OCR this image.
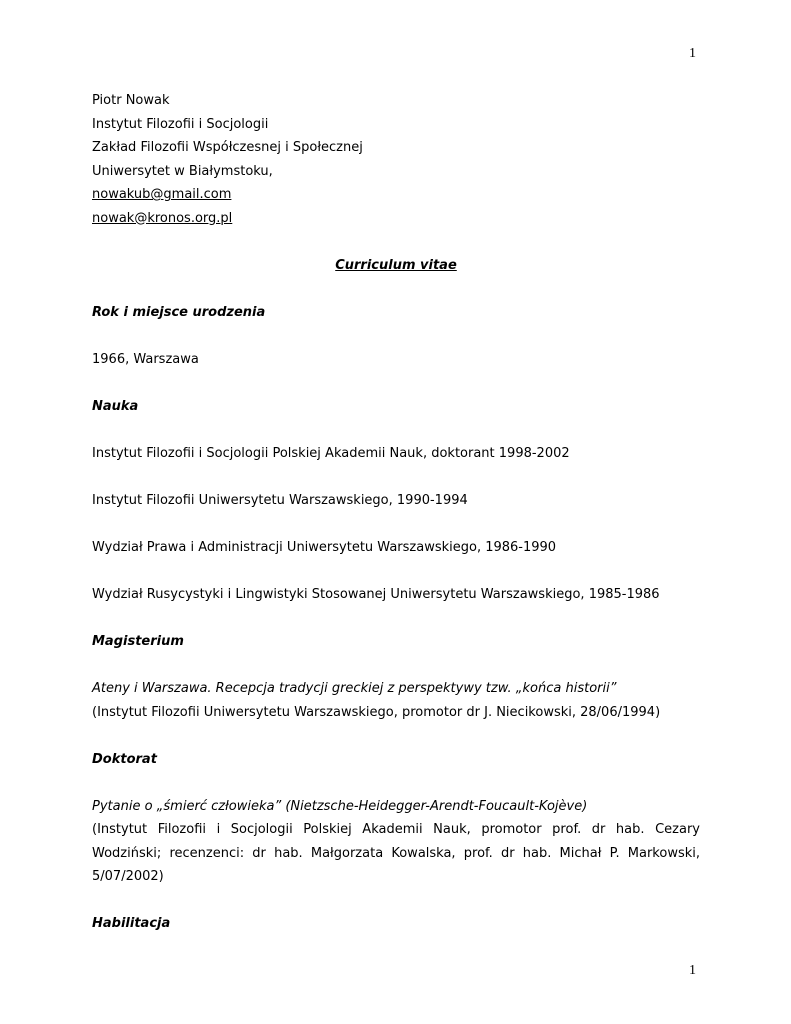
1
Piotr Nowak
Instytut Filozofii i Socjologii
Zakład Filozofii Współczesnej i Społecznej
Uniwersytet w Białymstoku,
nowakub@gmail.com
nowak@kronos.org.pl
Curriculum vitae
Rok i miejsce urodzenia
1966, Warszawa
Nauka
Instytut Filozofii i Socjologii Polskiej Akademii Nauk, doktorant 1998-2002
Instytut Filozofii Uniwersytetu Warszawskiego, 1990-1994
Wydział Prawa i Administracji Uniwersytetu Warszawskiego, 1986-1990
Wydział Rusycystyki i Lingwistyki Stosowanej Uniwersytetu Warszawskiego, 1985-1986
Magisterium
Ateny i Warszawa. Recepcja tradycji greckiej z perspektywy tzw. „końca historii”
(Instytut Filozofii Uniwersytetu Warszawskiego, promotor dr J. Niecikowski, 28/06/1994)
Doktorat
Pytanie o „śmierć człowieka” (Nietzsche-Heidegger-Arendt-Foucault-Kojève)
(Instytut Filozofii i Socjologii Polskiej Akademii Nauk, promotor prof. dr hab. Cezary Wodziński; recenzenci: dr hab. Małgorzata Kowalska, prof. dr hab. Michał P. Markowski, 5/07/2002)
Habilitacja
1
